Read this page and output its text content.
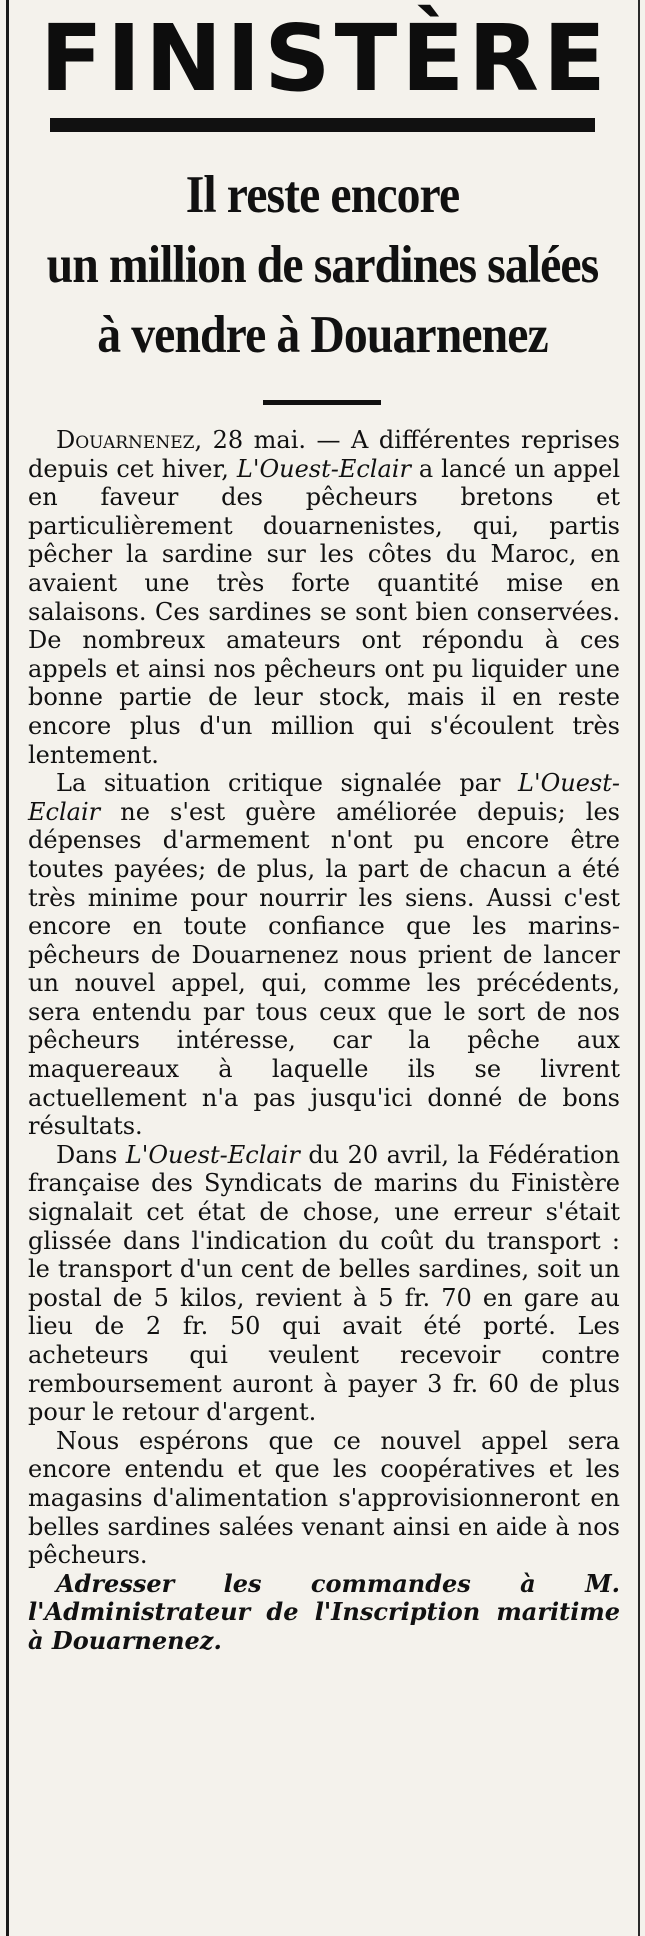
FINISTÈRE
Il reste encore
un million de sardines salées
à vendre à Douarnenez

Douarnenez, 28 mai. — A différentes reprises depuis cet hiver, L'Ouest-Eclair a lancé un appel en faveur des pêcheurs bretons et particulièrement douarnenistes, qui, partis pêcher la sardine sur les côtes du Maroc, en avaient une très forte quantité mise en salaisons. Ces sardines se sont bien conservées. De nombreux amateurs ont répondu à ces appels et ainsi nos pêcheurs ont pu liquider une bonne partie de leur stock, mais il en reste encore plus d'un million qui s'écoulent très lentement.

La situation critique signalée par L'Ouest-Eclair ne s'est guère améliorée depuis; les dépenses d'armement n'ont pu encore être toutes payées; de plus, la part de chacun a été très minime pour nourrir les siens. Aussi c'est encore en toute confiance que les marins-pêcheurs de Douarnenez nous prient de lancer un nouvel appel, qui, comme les précédents, sera entendu par tous ceux que le sort de nos pêcheurs intéresse, car la pêche aux maquereaux à laquelle ils se livrent actuellement n'a pas jusqu'ici donné de bons résultats.

Dans L'Ouest-Eclair du 20 avril, la Fédération française des Syndicats de marins du Finistère signalait cet état de chose, une erreur s'était glissée dans l'indication du coût du transport : le transport d'un cent de belles sardines, soit un postal de 5 kilos, revient à 5 fr. 70 en gare au lieu de 2 fr. 50 qui avait été porté. Les acheteurs qui veulent recevoir contre remboursement auront à payer 3 fr. 60 de plus pour le retour d'argent.

Nous espérons que ce nouvel appel sera encore entendu et que les coopératives et les magasins d'alimentation s'approvisionneront en belles sardines salées venant ainsi en aide à nos pêcheurs.

Adresser les commandes à M. l'Administrateur de l'Inscription maritime à Douarnenez.
